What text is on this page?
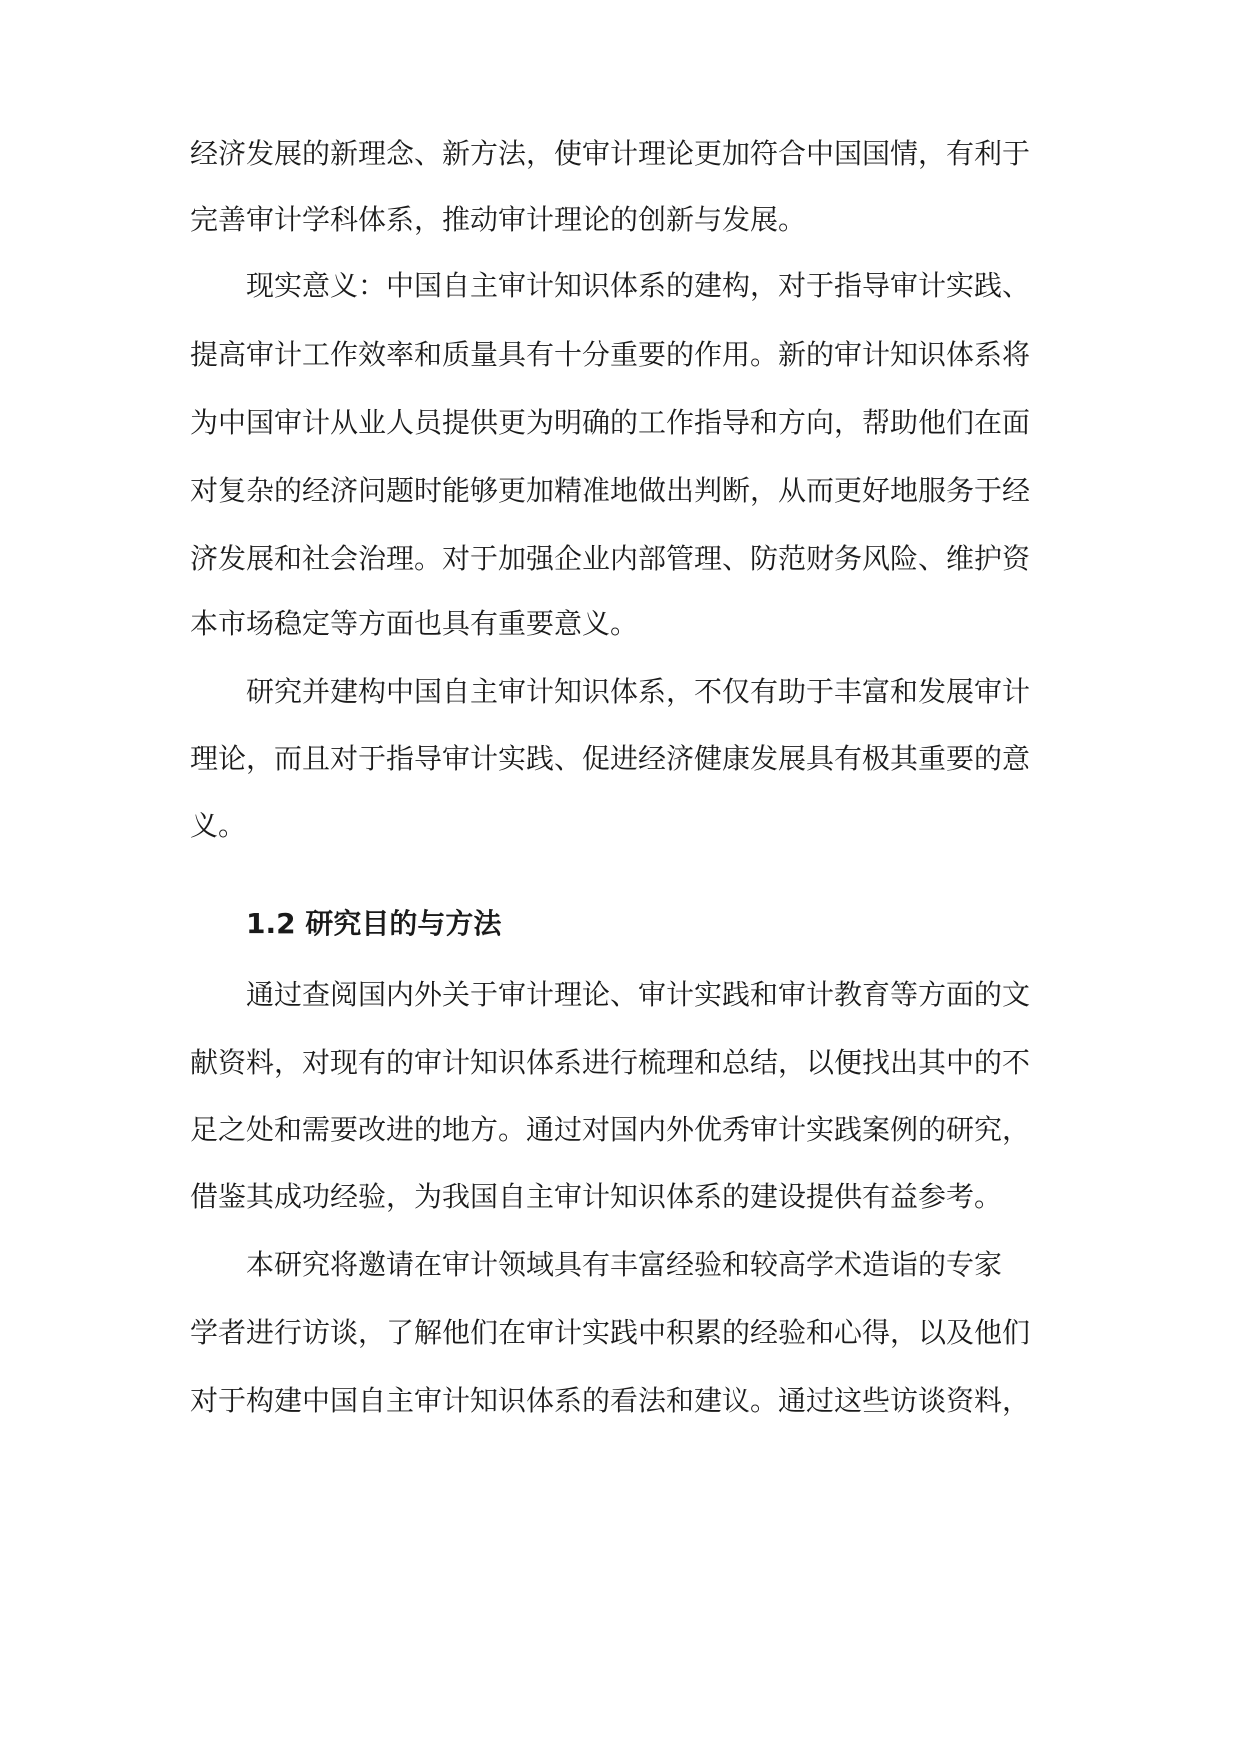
经济发展的新理念、新方法，使审计理论更加符合中国国情，有利于
完善审计学科体系，推动审计理论的创新与发展。
现实意义：中国自主审计知识体系的建构，对于指导审计实践、
提高审计工作效率和质量具有十分重要的作用。新的审计知识体系将
为中国审计从业人员提供更为明确的工作指导和方向，帮助他们在面
对复杂的经济问题时能够更加精准地做出判断，从而更好地服务于经
济发展和社会治理。对于加强企业内部管理、防范财务风险、维护资
本市场稳定等方面也具有重要意义。
研究并建构中国自主审计知识体系，不仅有助于丰富和发展审计
理论，而且对于指导审计实践、促进经济健康发展具有极其重要的意
义。
1.2 研究目的与方法
通过查阅国内外关于审计理论、审计实践和审计教育等方面的文
献资料，对现有的审计知识体系进行梳理和总结，以便找出其中的不
足之处和需要改进的地方。通过对国内外优秀审计实践案例的研究，
借鉴其成功经验，为我国自主审计知识体系的建设提供有益参考。
本研究将邀请在审计领域具有丰富经验和较高学术造诣的专家
学者进行访谈，了解他们在审计实践中积累的经验和心得，以及他们
对于构建中国自主审计知识体系的看法和建议。通过这些访谈资料，
